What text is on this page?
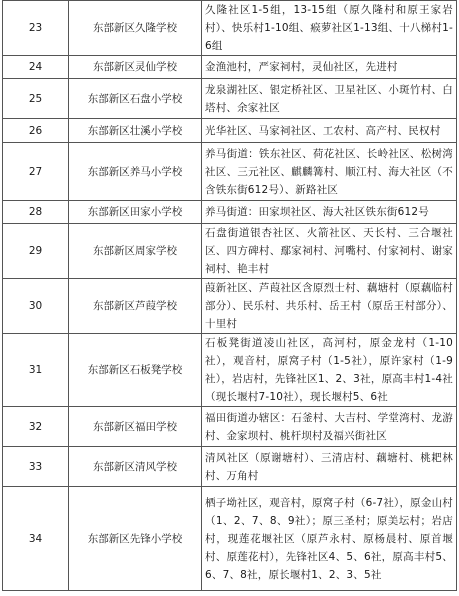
23	东部新区久隆学校	久隆社区1-5组，13-15组（原久隆村和原王家岩村）、快乐村1-10组、瘊萝社区1-13组、十八梯村1-6组
24	东部新区灵仙学校	金渔池村，严家祠村，灵仙社区，先进村
25	东部新区石盘小学校	龙泉湖社区、银定桥社区、卫星社区、小斑竹村、白塔村、余家社区
26	东部新区壮溪小学校	光华社区、马家祠社区、工农村、高产村、民权村
27	东部新区养马小学校	养马街道：铁东社区、荷花社区、长岭社区、松树湾社区、三元社区、麒麟篝村、顺江村、海大社区（不含铁东街612号）、新路社区
28	东部新区田家小学校	养马街道：田家坝社区、海大社区铁东街612号
29	东部新区周家学校	石盘街道银杏社区、火箭社区、天长村、三合堰社区、四方碑村、鄢家祠村、河嘴村、付家祠村、谢家祠村、艳丰村
30	东部新区芦葭学校	葭新社区、芦葭社区含原烈士村、藕塘村（原藕临村部分）、民乐村、共乐村、岳王村（原岳王村部分）、十里村
31	东部新区石板凳学校	石板凳街道凌山社区，高河村，原金龙村（1-10社），观音村，原窝子村（1-5社），原许家村（1-9社），岩店村，先锋社区1、2、3社，原高丰村1-4社（现长堰村7-10社），现长堰村5、6社
32	东部新区福田学校	福田街道办辖区：石釜村、大吉村、学堂湾村、龙游村、金家坝村、桃杆坝村及福兴街社区
33	东部新区清风学校	清风社区（原谢塘村）、三清店村、藕塘村、桃耙林村、万角村
34	东部新区先锋小学校	栖子坳社区，观音村，原窝子村（6-7社），原金山村（1、2、7、8、9社）；原三圣村；原美坛村；岩店村，现莲花堰社区（原芦永村、原杨晨村、原首堰村、原莲花村），先锋社区4、5、6社，原高丰村5、6、7、8社，原长堰村1、2、3、5社
